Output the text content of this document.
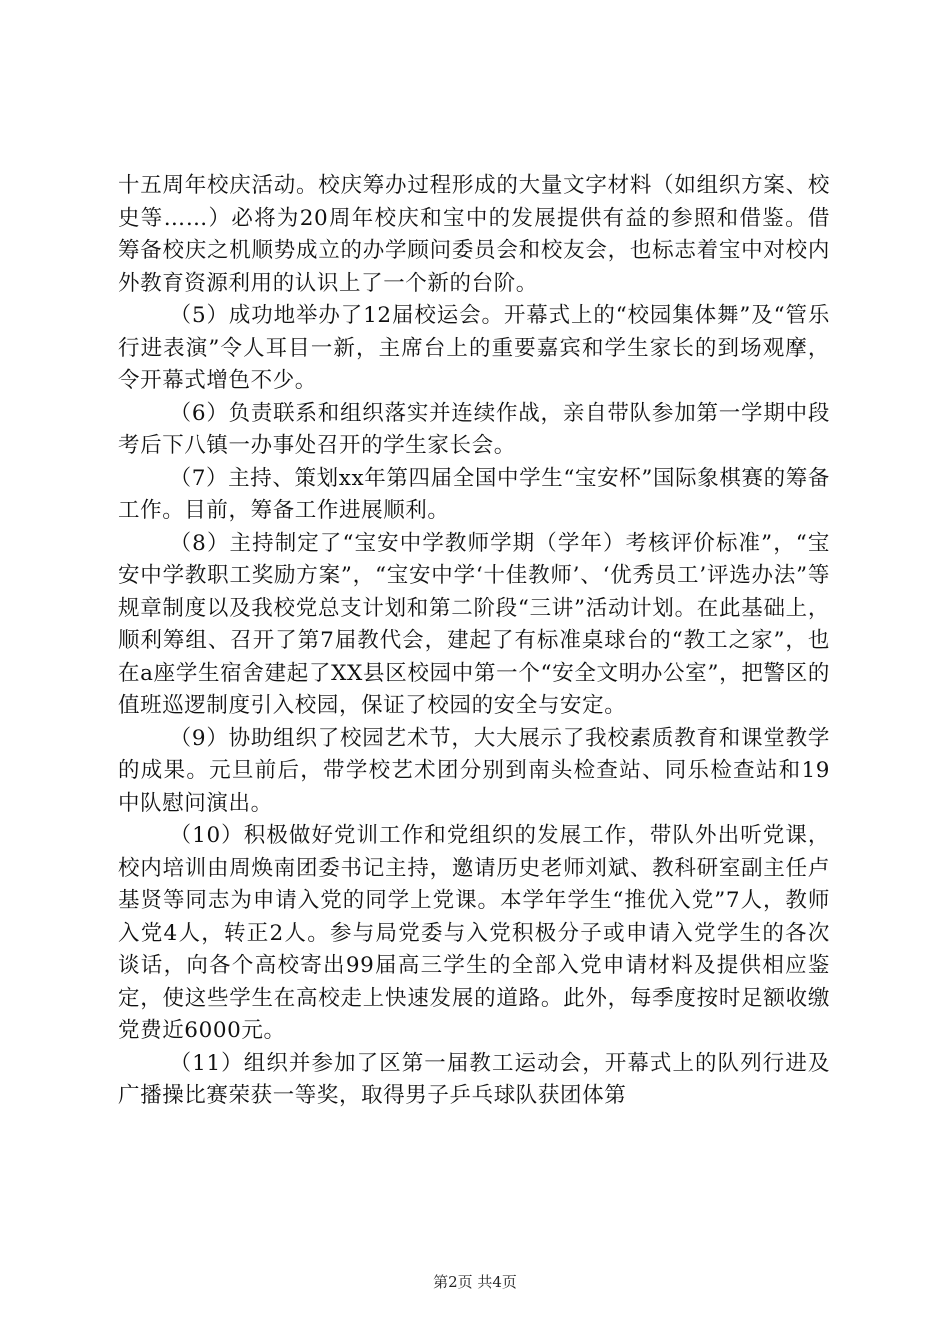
十五周年校庆活动。校庆筹办过程形成的大量文字材料（如组织方案、校史等……）必将为20周年校庆和宝中的发展提供有益的参照和借鉴。借筹备校庆之机顺势成立的办学顾问委员会和校友会，也标志着宝中对校内外教育资源利用的认识上了一个新的台阶。

（5）成功地举办了12届校运会。开幕式上的“校园集体舞”及“管乐行进表演”令人耳目一新，主席台上的重要嘉宾和学生家长的到场观摩，令开幕式增色不少。

（6）负责联系和组织落实并连续作战，亲自带队参加第一学期中段考后下八镇一办事处召开的学生家长会。

（7）主持、策划xx年第四届全国中学生“宝安杯”国际象棋赛的筹备工作。目前，筹备工作进展顺利。

（8）主持制定了“宝安中学教师学期（学年）考核评价标准”，“宝安中学教职工奖励方案”，“宝安中学‘十佳教师’、‘优秀员工’评选办法”等规章制度以及我校党总支计划和第二阶段“三讲”活动计划。在此基础上，顺利筹组、召开了第7届教代会，建起了有标准桌球台的“教工之家”，也在a座学生宿舍建起了XX县区校园中第一个“安全文明办公室”，把警区的值班巡逻制度引入校园，保证了校园的安全与安定。

（9）协助组织了校园艺术节，大大展示了我校素质教育和课堂教学的成果。元旦前后，带学校艺术团分别到南头检查站、同乐检查站和19中队慰问演出。

（10）积极做好党训工作和党组织的发展工作，带队外出听党课，校内培训由周焕南团委书记主持，邀请历史老师刘斌、教科研室副主任卢基贤等同志为申请入党的同学上党课。本学年学生“推优入党”7人，教师入党4人，转正2人。参与局党委与入党积极分子或申请入党学生的各次谈话，向各个高校寄出99届高三学生的全部入党申请材料及提供相应鉴定，使这些学生在高校走上快速发展的道路。此外，每季度按时足额收缴党费近6000元。

（11）组织并参加了区第一届教工运动会，开幕式上的队列行进及广播操比赛荣获一等奖，取得男子乒乓球队获团体第

第2页 共4页
